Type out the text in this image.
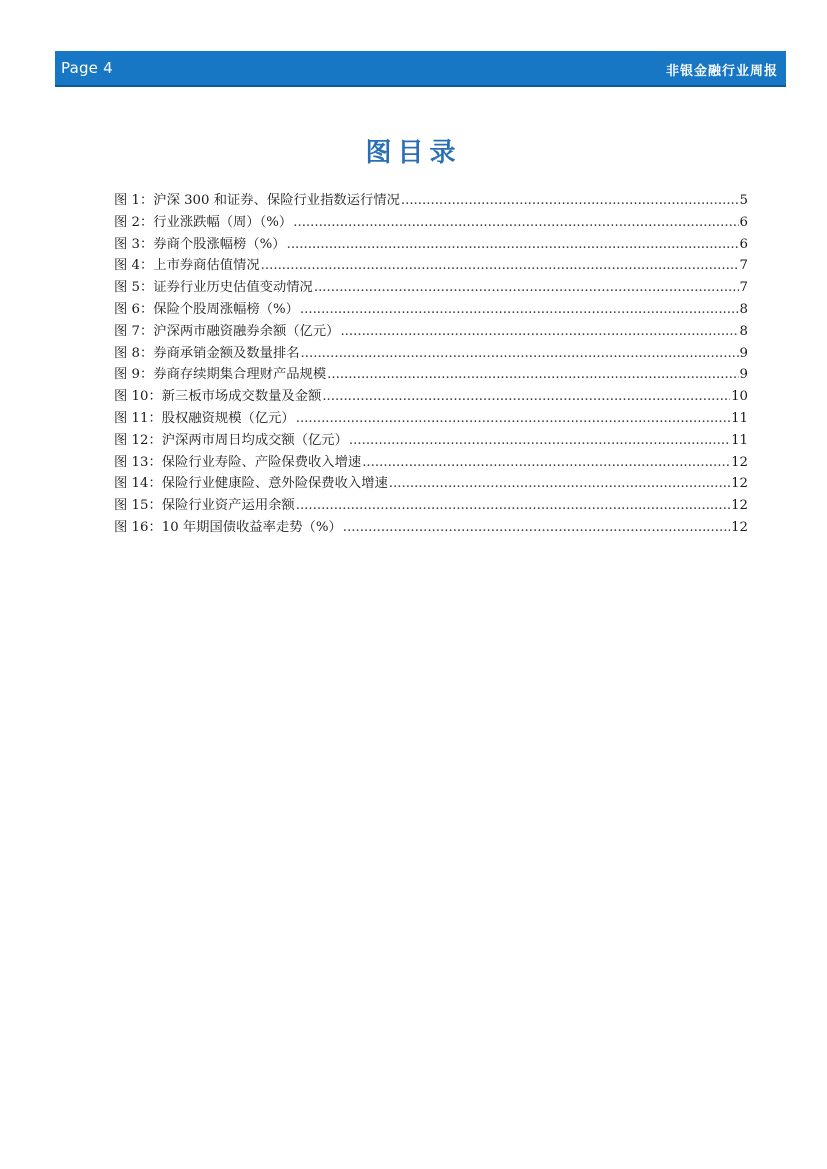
Page 4	非银金融行业周报
图目录
图 1：沪深 300 和证券、保险行业指数运行情况 .....	5
图 2：行业涨跌幅（周）（%） .....	6
图 3：券商个股涨幅榜（%） .....	6
图 4：上市券商估值情况 .....	7
图 5：证券行业历史估值变动情况 .....	7
图 6：保险个股周涨幅榜（%） .....	8
图 7：沪深两市融资融券余额（亿元） .....	8
图 8：券商承销金额及数量排名 .....	9
图 9：券商存续期集合理财产品规模 .....	9
图 10：新三板市场成交数量及金额 .....	10
图 11：股权融资规模（亿元） .....	11
图 12：沪深两市周日均成交额（亿元） .....	11
图 13：保险行业寿险、产险保费收入增速 .....	12
图 14：保险行业健康险、意外险保费收入增速 .....	12
图 15：保险行业资产运用余额 .....	12
图 16：10 年期国债收益率走势（%） .....	12
